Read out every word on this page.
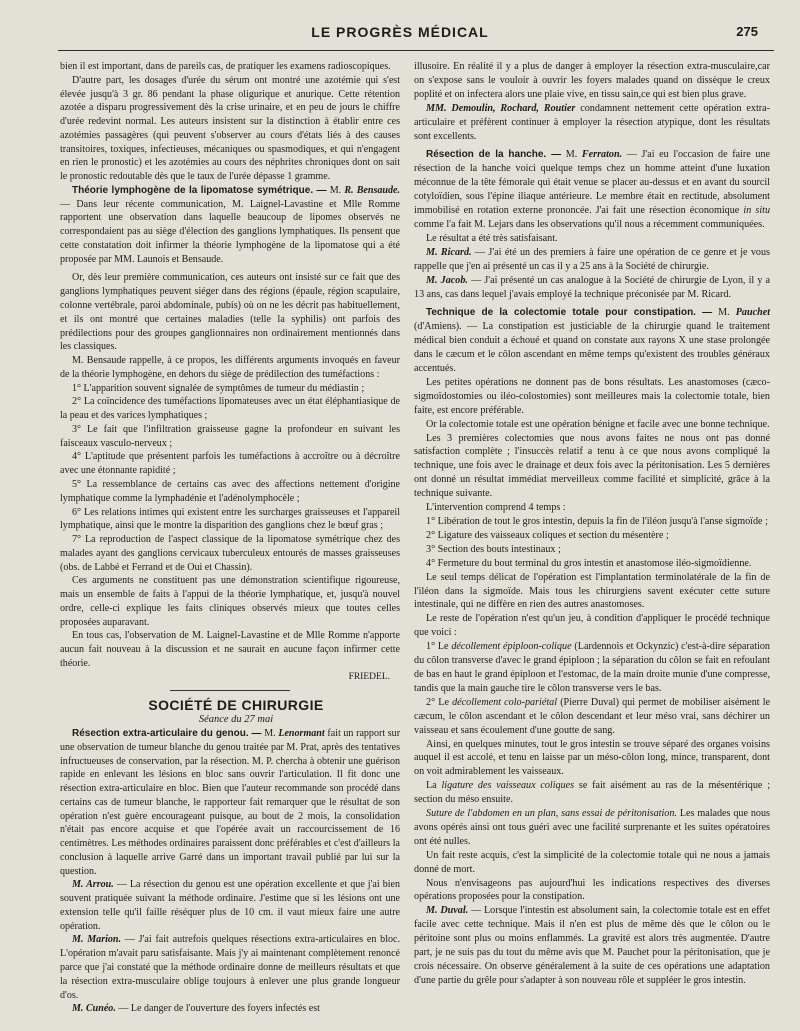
LE PROGRÈS MÉDICAL	275

bien il est important, dans de pareils cas, de pratiquer les examens radioscopiques.

D'autre part, les dosages d'urée du sérum ont montré une azotémie qui s'est élevée jusqu'à 3 gr. 86 pendant la phase oligurique et anurique. Cette rétention azotée a disparu progressivement dès la crise urinaire, et en peu de jours le chiffre d'urée redevint normal. Les auteurs insistent sur la distinction à établir entre ces azotémies passagères (qui peuvent s'observer au cours d'états liés à des causes transitoires, toxiques, infectieuses, mécaniques ou spasmodiques, et qui n'engagent en rien le pronostic) et les azotémies au cours des néphrites chroniques dont on sait le pronostic redoutable dès que le taux de l'urée dépasse 1 gramme.

Théorie lymphogène de la lipomatose symétrique. — M. R. Bensaude. — Dans leur récente communication, M. Laignel-Lavastine et Mlle Romme rapportent une observation dans laquelle beaucoup de lipomes observés ne correspondaient pas au siège d'élection des ganglions lymphatiques. Ils pensent que cette constatation doit infirmer la théorie lymphogène de la lipomatose qui a été proposée par MM. Launois et Bensaude.

Or, dès leur première communication, ces auteurs ont insisté sur ce fait que des ganglions lymphatiques peuvent siéger dans des régions (épaule, région scapulaire, colonne vertébrale, paroi abdominale, pubis) où on ne les décrit pas habituellement, et ils ont montré que certaines maladies (telle la syphilis) ont parfois des prédilections pour des groupes ganglionnaires non ordinairement mentionnés dans les classiques.

M. Bensaude rappelle, à ce propos, les différents arguments invoqués en faveur de la théorie lymphogène, en dehors du siège de prédilection des tuméfactions :

1° L'apparition souvent signalée de symptômes de tumeur du médiastin ;

2° La coïncidence des tuméfactions lipomateuses avec un état éléphantiasique de la peau et des varices lymphatiques ;

3° Le fait que l'infiltration graisseuse gagne la profondeur en suivant les faisceaux vasculo-nerveux ;

4° L'aptitude que présentent parfois les tuméfactions à accroître ou à décroître avec une étonnante rapidité ;

5° La ressemblance de certains cas avec des affections nettement d'origine lymphatique comme la lymphadénie et l'adénolymphocèle ;

6° Les relations intimes qui existent entre les surcharges graisseuses et l'appareil lymphatique, ainsi que le montre la disparition des ganglions chez le bœuf gras ;

7° La reproduction de l'aspect classique de la lipomatose symétrique chez des malades ayant des ganglions cervicaux tuberculeux entourés de masses graisseuses (obs. de Labbé et Ferrand et de Oui et Chassin).

Ces arguments ne constituent pas une démonstration scientifique rigoureuse, mais un ensemble de faits à l'appui de la théorie lymphatique, et, jusqu'à nouvel ordre, celle-ci explique les faits cliniques observés mieux que toutes celles proposées auparavant.

En tous cas, l'observation de M. Laignel-Lavastine et de Mlle Romme n'apporte aucun fait nouveau à la discussion et ne saurait en aucune façon infirmer cette théorie.

FRIEDEL.

SOCIÉTÉ DE CHIRURGIE

Séance du 27 mai

Résection extra-articulaire du genou. — M. Lenormant fait un rapport sur une observation de tumeur blanche du genou traitée par M. Prat, après des tentatives infructueuses de conservation, par la résection. M. P. chercha à obtenir une guérison rapide en enlevant les lésions en bloc sans ouvrir l'articulation. Il fit donc une résection extra-articulaire en bloc. Bien que l'auteur recommande son procédé dans certains cas de tumeur blanche, le rapporteur fait remarquer que le résultat de son opération n'est guère encourageant puisque, au bout de 2 mois, la consolidation n'était pas encore acquise et que l'opérée avait un raccourcissement de 16 centimètres. Les méthodes ordinaires paraissent donc préférables et c'est d'ailleurs la conclusion à laquelle arrive Garré dans un important travail publié par lui sur la question.

M. Arrou. — La résection du genou est une opération excellente et que j'ai bien souvent pratiquée suivant la méthode ordinaire. J'estime que si les lésions ont une extension telle qu'il faille réséquer plus de 10 cm. il vaut mieux faire une autre opération.

M. Marion. — J'ai fait autrefois quelques résections extra-articulaires en bloc. L'opération m'avait paru satisfaisante. Mais j'y ai maintenant complètement renoncé parce que j'ai constaté que la méthode ordinaire donne de meilleurs résultats et que la résection extra-musculaire oblige toujours à enlever une plus grande longueur d'os.

M. Cunéo. — Le danger de l'ouverture des foyers infectés est

illusoire. En réalité il y a plus de danger à employer la résection extra-musculaire,car on s'expose sans le vouloir à ouvrir les foyers malades quand on dissèque le creux poplité et on infectera alors une plaie vive, en tissu sain,ce qui est bien plus grave.

MM. Demoulin, Rochard, Routier condamnent nettement cette opération extra-articulaire et préfèrent continuer à employer la résection atypique, dont les résultats sont excellents.

Résection de la hanche. — M. Ferraton. — J'ai eu l'occasion de faire une résection de la hanche voici quelque temps chez un homme atteint d'une luxation méconnue de la tête fémorale qui était venue se placer au-dessus et en avant du sourcil cotyloïdien, sous l'épine iliaque antérieure. Le membre était en rectitude, absolument immobilisé en rotation externe prononcée. J'ai fait une résection économique in situ comme l'a fait M. Lejars dans les observations qu'il nous a récemment communiquées.

Le résultat a été très satisfaisant.

M. Ricard. — J'ai été un des premiers à faire une opération de ce genre et je vous rappelle que j'en ai présenté un cas il y a 25 ans à la Société de chirurgie.

M. Jacob. — J'ai présenté un cas analogue à la Société de chirurgie de Lyon, il y a 13 ans, cas dans lequel j'avais employé la technique préconisée par M. Ricard.

Technique de la colectomie totale pour constipation. — M. Pauchet (d'Amiens). — La constipation est justiciable de la chirurgie quand le traitement médical bien conduit a échoué et quand on constate aux rayons X une stase prolongée dans le cæcum et le côlon ascendant en même temps qu'existent des troubles généraux accentués.

Les petites opérations ne donnent pas de bons résultats. Les anastomoses (cæco-sigmoïdostomies ou iléo-colostomies) sont meilleures mais la colectomie totale, bien faite, est encore préférable.

Or la colectomie totale est une opération bénigne et facile avec une bonne technique.

Les 3 premières colectomies que nous avons faites ne nous ont pas donné satisfaction complète ; l'insuccès relatif a tenu à ce que nous avons compliqué la technique, une fois avec le drainage et deux fois avec la péritonisation. Les 5 dernières ont donné un résultat immédiat merveilleux comme facilité et simplicité, grâce à la technique suivante.

L'intervention comprend 4 temps :

1° Libération de tout le gros intestin, depuis la fin de l'iléon jusqu'à l'anse sigmoïde ;

2° Ligature des vaisseaux coliques et section du mésentère ;

3° Section des bouts intestinaux ;

4° Fermeture du bout terminal du gros intestin et anastomose iléo-sigmoïdienne.

Le seul temps délicat de l'opération est l'implantation terminolatérale de la fin de l'iléon dans la sigmoïde. Mais tous les chirurgiens savent exécuter cette suture intestinale, qui ne diffère en rien des autres anastomoses.

Le reste de l'opération n'est qu'un jeu, à condition d'appliquer le procédé technique que voici :

1° Le décollement épiploon-colique (Lardennois et Ockynzic) c'est-à-dire séparation du côlon transverse d'avec le grand épiploon ; la séparation du côlon se fait en refoulant de bas en haut le grand épiploon et l'estomac, de la main droite munie d'une compresse, tandis que la main gauche tire le côlon transverse vers le bas.

2° Le décollement colo-pariétal (Pierre Duval) qui permet de mobiliser aisément le cæcum, le côlon ascendant et le côlon descendant et leur méso vrai, sans déchirer un vaisseau et sans écoulement d'une goutte de sang.

Ainsi, en quelques minutes, tout le gros intestin se trouve séparé des organes voisins auquel il est accolé, et tenu en laisse par un méso-côlon long, mince, transparent, dont on voit admirablement les vaisseaux.

La ligature des vaisseaux coliques se fait aisément au ras de la mésentérique ; section du méso ensuite.

Suture de l'abdomen en un plan, sans essai de péritonisation. Les malades que nous avons opérés ainsi ont tous guéri avec une facilité surprenante et les suites opératoires ont été nulles.

Un fait reste acquis, c'est la simplicité de la colectomie totale qui ne nous a jamais donné de mort.

Nous n'envisageons pas aujourd'hui les indications respectives des diverses opérations proposées pour la constipation.

M. Duval. — Lorsque l'intestin est absolument sain, la colectomie totale est en effet facile avec cette technique. Mais il n'en est plus de même dès que le côlon ou le péritoine sont plus ou moins enflammés. La gravité est alors très augmentée. D'autre part, je ne suis pas du tout du même avis que M. Pauchet pour la péritonisation, que je crois nécessaire. On observe généralement à la suite de ces opérations une adaptation d'une partie du grêle pour s'adapter à son nouveau rôle et suppléer le gros intestin.
